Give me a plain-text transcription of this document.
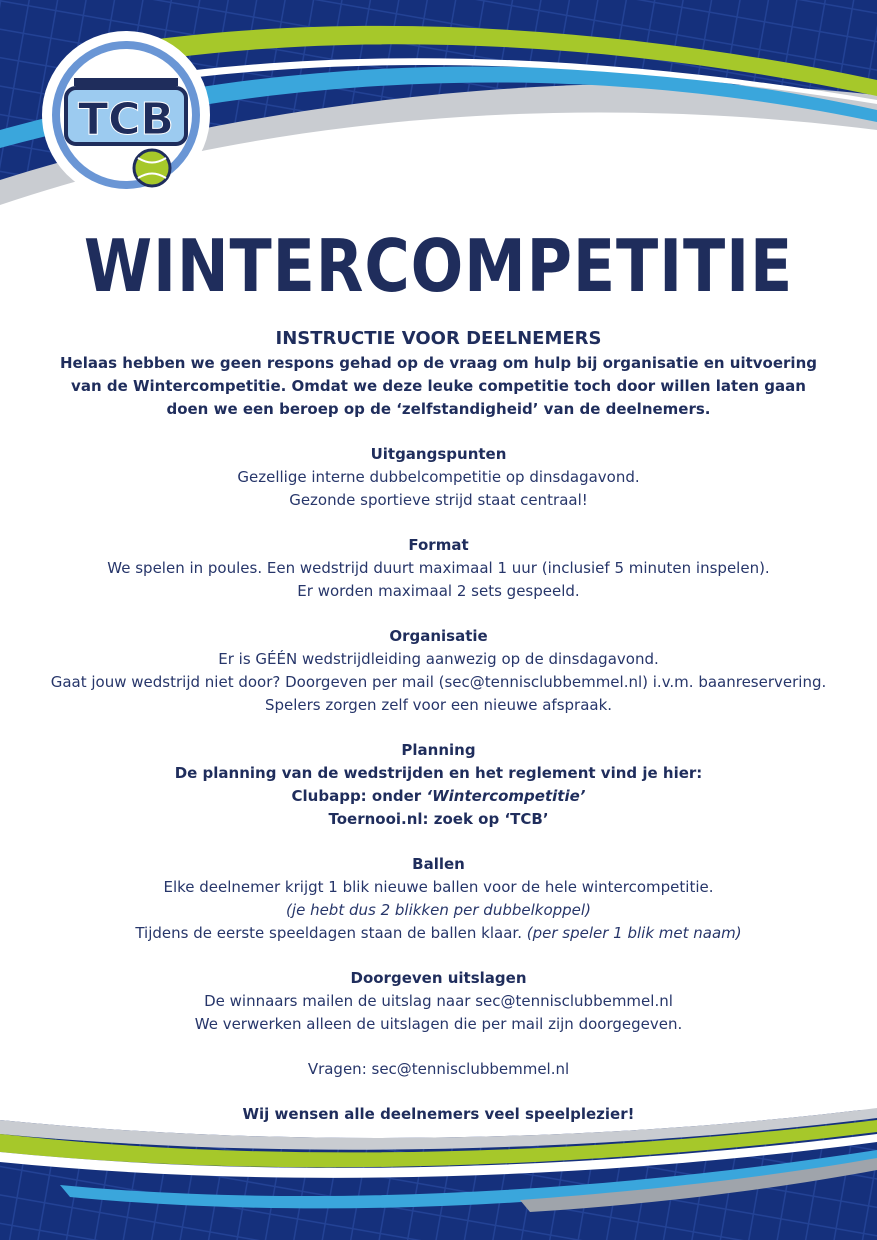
TCB
WINTERCOMPETITIE
INSTRUCTIE VOOR DEELNEMERS
Helaas hebben we geen respons gehad op de vraag om hulp bij organisatie en uitvoering
van de Wintercompetitie. Omdat we deze leuke competitie toch door willen laten gaan
doen we een beroep op de ‘zelfstandigheid’ van de deelnemers.
Uitgangspunten
Gezellige interne dubbelcompetitie op dinsdagavond.
Gezonde sportieve strijd staat centraal!
Format
We spelen in poules. Een wedstrijd duurt maximaal 1 uur (inclusief 5 minuten inspelen).
Er worden maximaal 2 sets gespeeld.
Organisatie
Er is GÉÉN wedstrijdleiding aanwezig op de dinsdagavond.
Gaat jouw wedstrijd niet door? Doorgeven per mail (sec@tennisclubbemmel.nl) i.v.m. baanreservering.
Spelers zorgen zelf voor een nieuwe afspraak.
Planning
De planning van de wedstrijden en het reglement vind je hier:
Clubapp: onder ‘Wintercompetitie’
Toernooi.nl: zoek op ‘TCB’
Ballen
Elke deelnemer krijgt 1 blik nieuwe ballen voor de hele wintercompetitie.
(je hebt dus 2 blikken per dubbelkoppel)
Tijdens de eerste speeldagen staan de ballen klaar. (per speler 1 blik met naam)
Doorgeven uitslagen
De winnaars mailen de uitslag naar sec@tennisclubbemmel.nl
We verwerken alleen de uitslagen die per mail zijn doorgegeven.
Vragen: sec@tennisclubbemmel.nl
Wij wensen alle deelnemers veel speelplezier!
